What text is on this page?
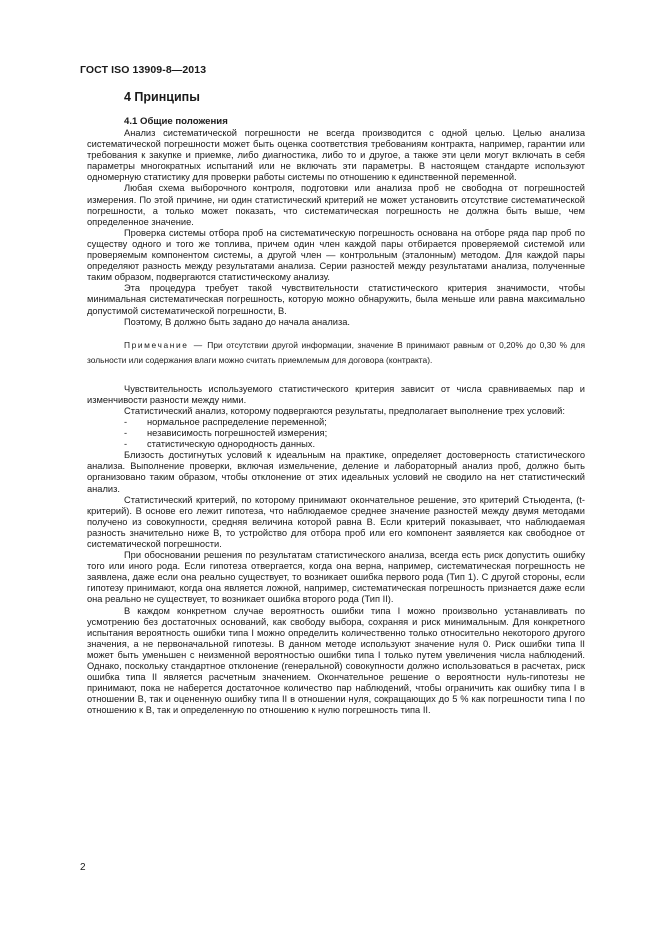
ГОСТ ISO 13909-8—2013
4 Принципы
4.1 Общие положения

Анализ систематической погрешности не всегда производится с одной целью. Целью анализа систематической погрешности может быть оценка соответствия требованиям контракта, например, гарантии или требования к закупке и приемке, либо диагностика, либо то и другое, а также эти цели могут включать в себя параметры многократных испытаний или не включать эти параметры. В настоящем стандарте используют одномерную статистику для проверки работы системы по отношению к единственной переменной.

Любая схема выборочного контроля, подготовки или анализа проб не свободна от погрешностей измерения. По этой причине, ни один статистический критерий не может установить отсутствие систематической погрешности, а только может показать, что систематическая погрешность не должна быть выше, чем определенное значение.

Проверка системы отбора проб на систематическую погрешность основана на отборе ряда пар проб по существу одного и того же топлива, причем один член каждой пары отбирается проверяемой системой или проверяемым компонентом системы, а другой член — контрольным (эталонным) методом. Для каждой пары определяют разность между результатами анализа. Серии разностей между результатами анализа, полученные таким образом, подвергаются статистическому анализу.

Эта процедура требует такой чувствительности статистического критерия значимости, чтобы минимальная систематическая погрешность, которую можно обнаружить, была меньше или равна максимально допустимой систематической погрешности, B.

Поэтому, B должно быть задано до начала анализа.

Примечание — При отсутствии другой информации, значение B принимают равным от 0,20% до 0,30 % для зольности или содержания влаги можно считать приемлемым для договора (контракта).

Чувствительность используемого статистического критерия зависит от числа сравниваемых пар и изменчивости разности между ними.

Статистический анализ, которому подвергаются результаты, предполагает выполнение трех условий:

-	нормальное распределение переменной;
-	независимость погрешностей измерения;
-	статистическую однородность данных.

Близость достигнутых условий к идеальным на практике, определяет достоверность статистического анализа. Выполнение проверки, включая измельчение, деление и лабораторный анализ проб, должно быть организовано таким образом, чтобы отклонение от этих идеальных условий не сводило на нет статистический анализ.

Статистический критерий, по которому принимают окончательное решение, это критерий Стьюдента, (t-критерий). В основе его лежит гипотеза, что наблюдаемое среднее значение разностей между двумя методами получено из совокупности, средняя величина которой равна B. Если критерий показывает, что наблюдаемая разность значительно ниже B, то устройство для отбора проб или его компонент заявляется как свободное от систематической погрешности.

При обосновании решения по результатам статистического анализа, всегда есть риск допустить ошибку того или иного рода. Если гипотеза отвергается, когда она верна, например, систематическая погрешность не заявлена, даже если она реально существует, то возникает ошибка первого рода (Тип 1). С другой стороны, если гипотезу принимают, когда она является ложной, например, систематическая погрешность признается даже если она реально не существует, то возникает ошибка второго рода (Тип II).

В каждом конкретном случае вероятность ошибки типа I можно произвольно устанавливать по усмотрению без достаточных оснований, как свободу выбора, сохраняя и риск минимальным. Для конкретного испытания вероятность ошибки типа I можно определить количественно только относительно некоторого другого значения, а не первоначальной гипотезы. В данном методе используют значение нуля 0. Риск ошибки типа II может быть уменьшен с неизменной вероятностью ошибки типа I только путем увеличения числа наблюдений. Однако, поскольку стандартное отклонение (генеральной) совокупности должно использоваться в расчетах, риск ошибка типа II является расчетным значением. Окончательное решение о вероятности нуль-гипотезы не принимают, пока не наберется достаточное количество пар наблюдений, чтобы ограничить как ошибку типа I в отношении B, так и оцененную ошибку типа II в отношении нуля, сокращающих до 5 % как погрешности типа I по отношению к B, так и определенную по отношению к нулю погрешность типа II.

2
